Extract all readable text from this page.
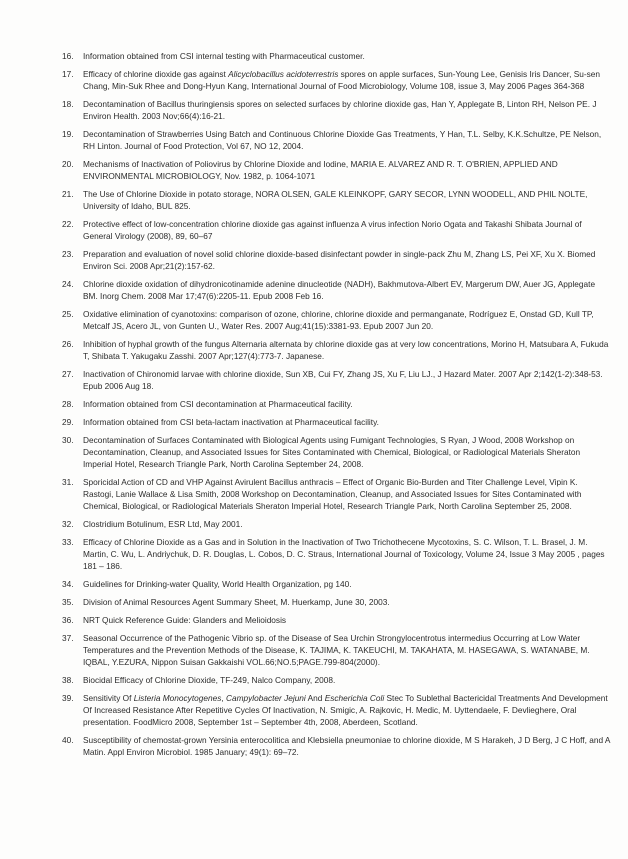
16.	Information obtained from CSI internal testing with Pharmaceutical customer.
17.	Efficacy of chlorine dioxide gas against Alicyclobacillus acidoterrestris spores on apple surfaces, Sun-Young Lee, Genisis Iris Dancer, Su-sen Chang, Min-Suk Rhee and Dong-Hyun Kang, International Journal of Food Microbiology, Volume 108, issue 3, May 2006 Pages 364-368
18.	Decontamination of Bacillus thuringiensis spores on selected surfaces by chlorine dioxide gas, Han Y, Applegate B, Linton RH, Nelson PE. J Environ Health. 2003 Nov;66(4):16-21.
19.	Decontamination of Strawberries Using Batch and Continuous Chlorine Dioxide Gas Treatments, Y Han, T.L. Selby, K.K.Schultze, PE Nelson, RH Linton. Journal of Food Protection, Vol 67, NO 12, 2004.
20.	Mechanisms of Inactivation of Poliovirus by Chlorine Dioxide and Iodine, MARIA E. ALVAREZ AND R. T. O'BRIEN, APPLIED AND ENVIRONMENTAL MICROBIOLOGY, Nov. 1982, p. 1064-1071
21.	The Use of Chlorine Dioxide in potato storage, NORA OLSEN, GALE KLEINKOPF, GARY SECOR, LYNN WOODELL, AND PHIL NOLTE, University of Idaho, BUL 825.
22.	Protective effect of low-concentration chlorine dioxide gas against influenza A virus infection Norio Ogata and Takashi Shibata Journal of General Virology (2008), 89, 60–67
23.	Preparation and evaluation of novel solid chlorine dioxide-based disinfectant powder in single-pack Zhu M, Zhang LS, Pei XF, Xu X. Biomed Environ Sci. 2008 Apr;21(2):157-62.
24.	Chlorine dioxide oxidation of dihydronicotinamide adenine dinucleotide (NADH), Bakhmutova-Albert EV, Margerum DW, Auer JG, Applegate BM. Inorg Chem. 2008 Mar 17;47(6):2205-11. Epub 2008 Feb 16.
25.	Oxidative elimination of cyanotoxins: comparison of ozone, chlorine, chlorine dioxide and permanganate, Rodríguez E, Onstad GD, Kull TP, Metcalf JS, Acero JL, von Gunten U., Water Res. 2007 Aug;41(15):3381-93. Epub 2007 Jun 20.
26.	Inhibition of hyphal growth of the fungus Alternaria alternata by chlorine dioxide gas at very low concentrations, Morino H, Matsubara A, Fukuda T, Shibata T. Yakugaku Zasshi. 2007 Apr;127(4):773-7. Japanese.
27.	Inactivation of Chironomid larvae with chlorine dioxide, Sun XB, Cui FY, Zhang JS, Xu F, Liu LJ., J Hazard Mater. 2007 Apr 2;142(1-2):348-53. Epub 2006 Aug 18.
28.	Information obtained from CSI decontamination at Pharmaceutical facility.
29.	Information obtained from CSI beta-lactam inactivation at Pharmaceutical facility.
30.	Decontamination of Surfaces Contaminated with Biological Agents using Fumigant Technologies, S Ryan, J Wood, 2008 Workshop on Decontamination, Cleanup, and Associated Issues for Sites Contaminated with Chemical, Biological, or Radiological Materials Sheraton Imperial Hotel, Research Triangle Park, North Carolina September 24, 2008.
31.	Sporicidal Action of CD and VHP Against Avirulent Bacillus anthracis – Effect of Organic Bio-Burden and Titer Challenge Level, Vipin K. Rastogi, Lanie Wallace & Lisa Smith, 2008 Workshop on Decontamination, Cleanup, and Associated Issues for Sites Contaminated with Chemical, Biological, or Radiological Materials Sheraton Imperial Hotel, Research Triangle Park, North Carolina September 25, 2008.
32.	Clostridium Botulinum, ESR Ltd, May 2001.
33.	Efficacy of Chlorine Dioxide as a Gas and in Solution in the Inactivation of Two Trichothecene Mycotoxins, S. C. Wilson, T. L. Brasel, J. M. Martin, C. Wu, L. Andriychuk, D. R. Douglas, L. Cobos, D. C. Straus, International Journal of Toxicology, Volume 24, Issue 3 May 2005 , pages 181 – 186.
34.	Guidelines for Drinking-water Quality, World Health Organization, pg 140.
35.	Division of Animal Resources Agent Summary Sheet, M. Huerkamp, June 30, 2003.
36.	NRT Quick Reference Guide: Glanders and Melioidosis
37.	Seasonal Occurrence of the Pathogenic Vibrio sp. of the Disease of Sea Urchin Strongylocentrotus intermedius Occurring at Low Water Temperatures and the Prevention Methods of the Disease, K. TAJIMA, K. TAKEUCHI, M. TAKAHATA, M. HASEGAWA, S. WATANABE, M. IQBAL, Y.EZURA, Nippon Suisan Gakkaishi VOL.66;NO.5;PAGE.799-804(2000).
38.	Biocidal Efficacy of Chlorine Dioxide, TF-249, Nalco Company, 2008.
39.	Sensitivity Of Listeria Monocytogenes, Campylobacter Jejuni And Escherichia Coli Stec To Sublethal Bactericidal Treatments And Development Of Increased Resistance After Repetitive Cycles Of Inactivation, N. Smigic, A. Rajkovic, H. Medic, M. Uyttendaele, F. Devlieghere, Oral presentation. FoodMicro 2008, September 1st – September 4th, 2008, Aberdeen, Scotland.
40.	Susceptibility of chemostat-grown Yersinia enterocolitica and Klebsiella pneumoniae to chlorine dioxide, M S Harakeh, J D Berg, J C Hoff, and A Matin. Appl Environ Microbiol. 1985 January; 49(1): 69–72.
